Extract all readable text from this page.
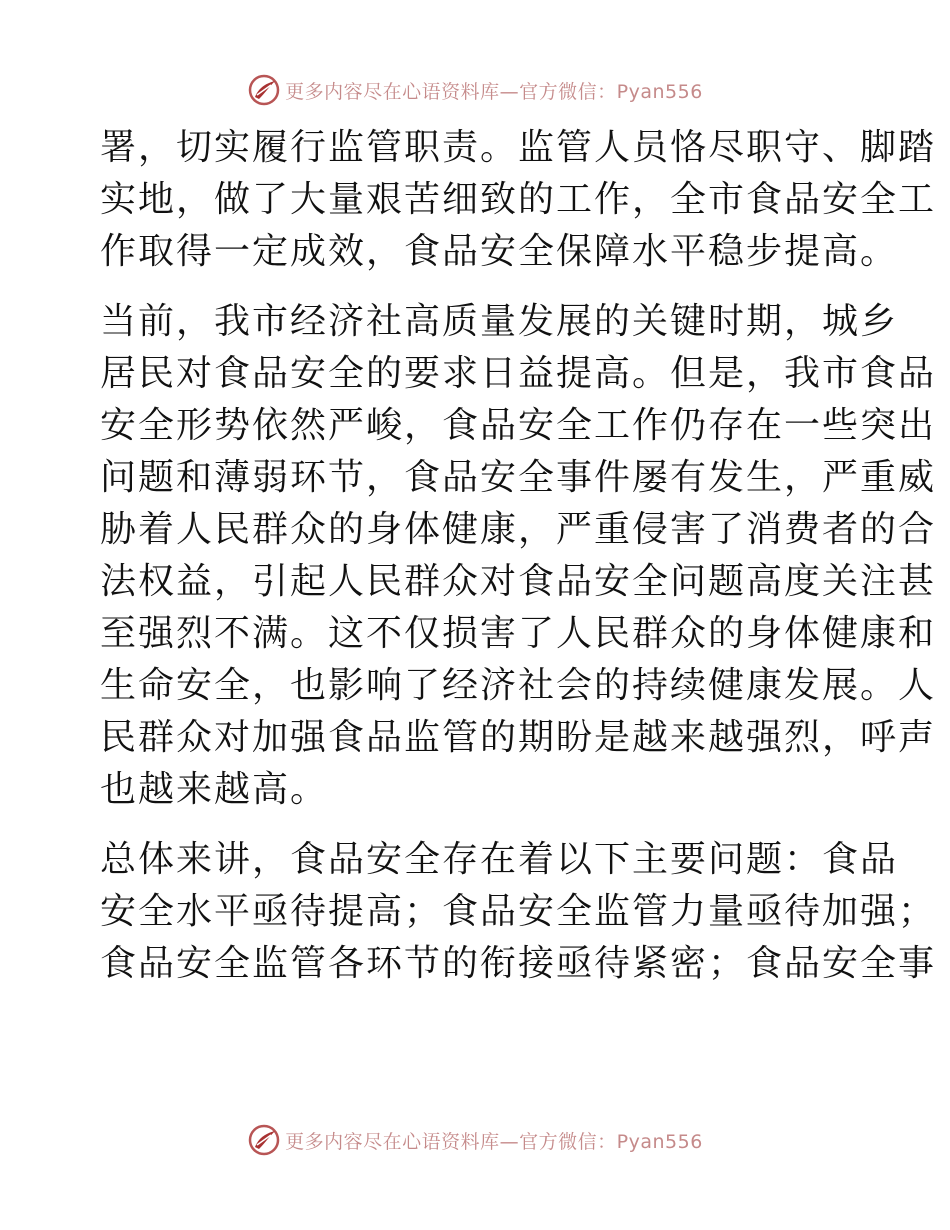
更多内容尽在心语资料库—官方微信：Pyan556
署，切实履行监管职责。监管人员恪尽职守、脚踏
实地，做了大量艰苦细致的工作，全市食品安全工
作取得一定成效，食品安全保障水平稳步提高。
当前，我市经济社高质量发展的关键时期，城乡
居民对食品安全的要求日益提高。但是，我市食品
安全形势依然严峻，食品安全工作仍存在一些突出
问题和薄弱环节，食品安全事件屡有发生，严重威
胁着人民群众的身体健康，严重侵害了消费者的合
法权益，引起人民群众对食品安全问题高度关注甚
至强烈不满。这不仅损害了人民群众的身体健康和
生命安全，也影响了经济社会的持续健康发展。人
民群众对加强食品监管的期盼是越来越强烈，呼声
也越来越高。
总体来讲，食品安全存在着以下主要问题：食品
安全水平亟待提高；食品安全监管力量亟待加强；
食品安全监管各环节的衔接亟待紧密；食品安全事
更多内容尽在心语资料库—官方微信：Pyan556
